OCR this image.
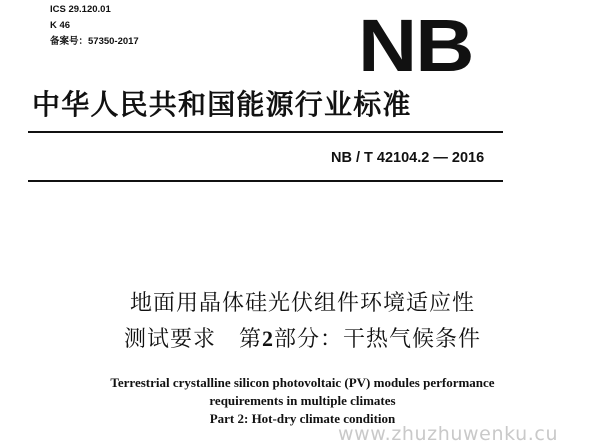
ICS 29.120.01
K 46
备案号：57350-2017	NB
中华人民共和国能源行业标准
NB / T 42104.2 — 2016
地面用晶体硅光伏组件环境适应性
测试要求　第2部分：干热气候条件
Terrestrial crystalline silicon photovoltaic (PV) modules performance
requirements in multiple climates
Part 2: Hot-dry climate condition
www.zhuzhuwenku.cu
